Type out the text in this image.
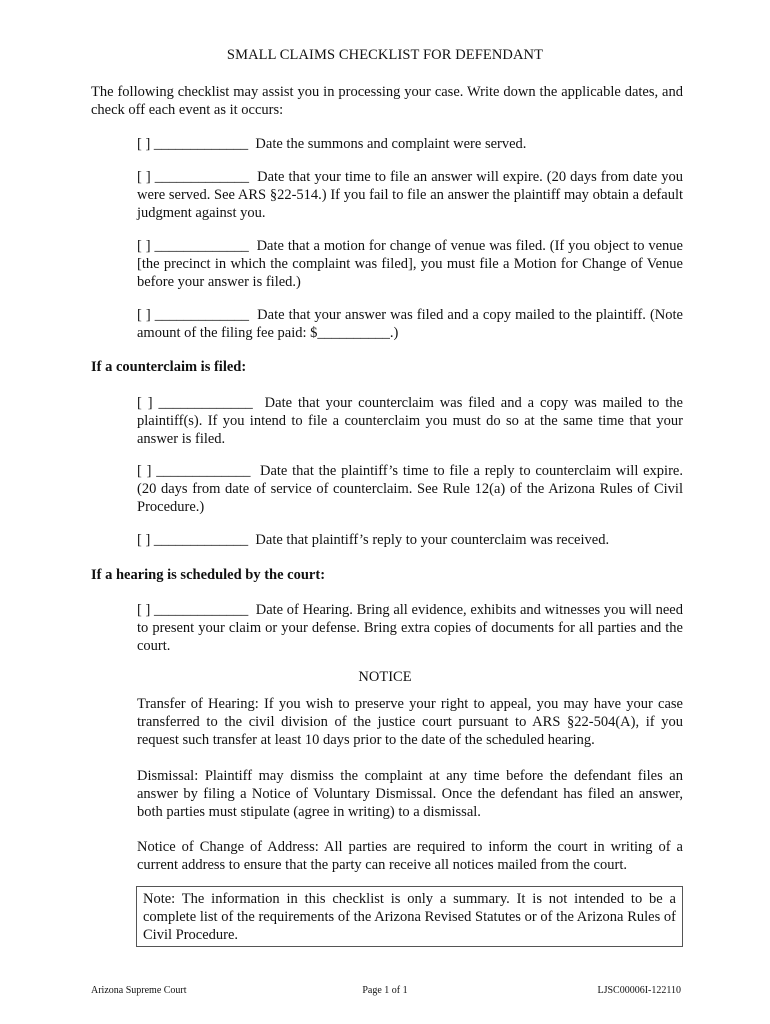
SMALL CLAIMS CHECKLIST FOR DEFENDANT
The following checklist may assist you in processing your case. Write down the applicable dates, and check off each event as it occurs:
[ ] _____________  Date the summons and complaint were served.
[ ] _____________  Date that your time to file an answer will expire. (20 days from date you were served. See ARS §22-514.) If you fail to file an answer the plaintiff may obtain a default judgment against you.
[ ] _____________  Date that a motion for change of venue was filed. (If you object to venue [the precinct in which the complaint was filed], you must file a Motion for Change of Venue before your answer is filed.)
[ ] _____________  Date that your answer was filed and a copy mailed to the plaintiff. (Note amount of the filing fee paid: $__________.)
If a counterclaim is filed:
[ ] _____________  Date that your counterclaim was filed and a copy was mailed to the plaintiff(s). If you intend to file a counterclaim you must do so at the same time that your answer is filed.
[ ] _____________  Date that the plaintiff’s time to file a reply to counterclaim will expire. (20 days from date of service of counterclaim. See Rule 12(a) of the Arizona Rules of Civil Procedure.)
[ ] _____________  Date that plaintiff’s reply to your counterclaim was received.
If a hearing is scheduled by the court:
[ ] _____________  Date of Hearing. Bring all evidence, exhibits and witnesses you will need to present your claim or your defense. Bring extra copies of documents for all parties and the court.
NOTICE
Transfer of Hearing: If you wish to preserve your right to appeal, you may have your case transferred to the civil division of the justice court pursuant to ARS §22-504(A), if you request such transfer at least 10 days prior to the date of the scheduled hearing.
Dismissal: Plaintiff may dismiss the complaint at any time before the defendant files an answer by filing a Notice of Voluntary Dismissal. Once the defendant has filed an answer, both parties must stipulate (agree in writing) to a dismissal.
Notice of Change of Address: All parties are required to inform the court in writing of a current address to ensure that the party can receive all notices mailed from the court.
Note: The information in this checklist is only a summary. It is not intended to be a complete list of the requirements of the Arizona Revised Statutes or of the Arizona Rules of Civil Procedure.
Arizona Supreme Court	Page 1 of 1	LJSC00006I-122110
